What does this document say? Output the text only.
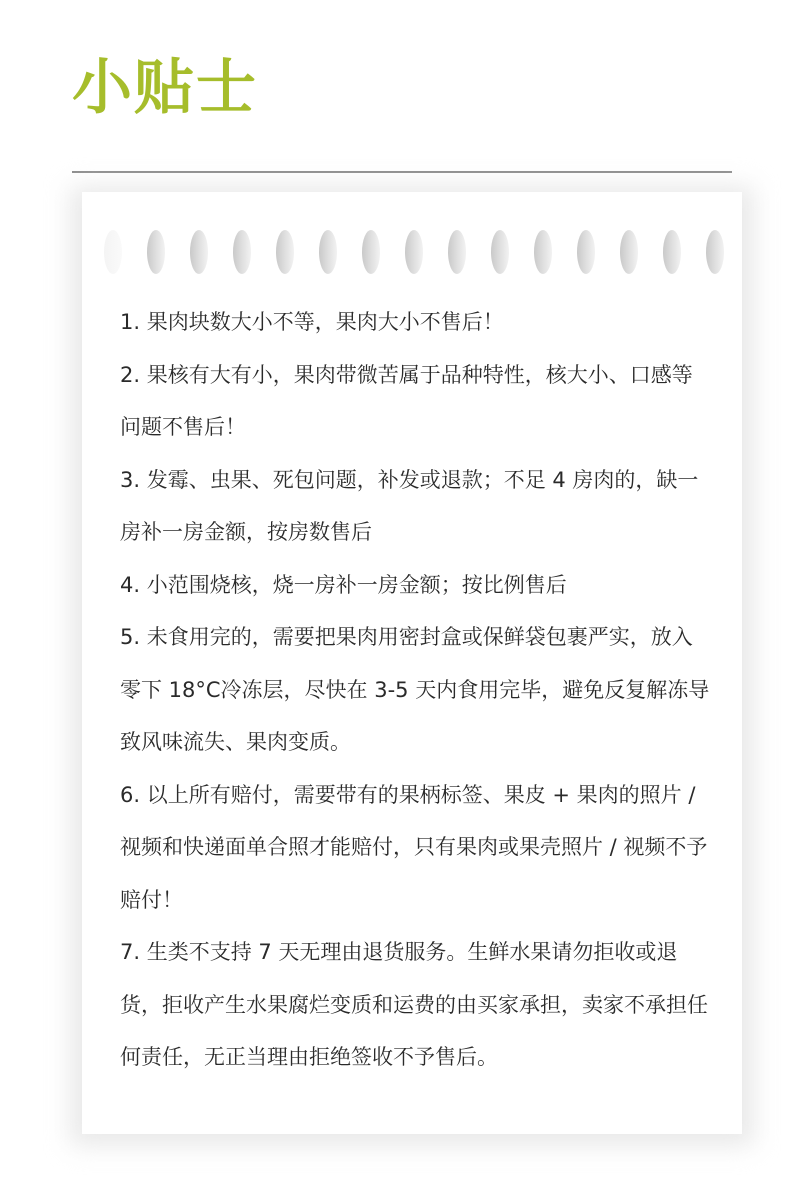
小贴士
1. 果肉块数大小不等，果肉大小不售后！
2. 果核有大有小，果肉带微苦属于品种特性，核大小、口感等问题不售后！
3. 发霉、虫果、死包问题，补发或退款；不足 4 房肉的，缺一房补一房金额，按房数售后
4. 小范围烧核，烧一房补一房金额；按比例售后
5. 未食用完的，需要把果肉用密封盒或保鲜袋包裹严实，放入零下 18°C冷冻层，尽快在 3-5 天内食用完毕，避免反复解冻导致风味流失、果肉变质。
6. 以上所有赔付，需要带有的果柄标签、果皮 + 果肉的照片 / 视频和快递面单合照才能赔付，只有果肉或果壳照片 / 视频不予赔付！
7. 生类不支持 7 天无理由退货服务。生鲜水果请勿拒收或退货，拒收产生水果腐烂变质和运费的由买家承担，卖家不承担任何责任，无正当理由拒绝签收不予售后。
